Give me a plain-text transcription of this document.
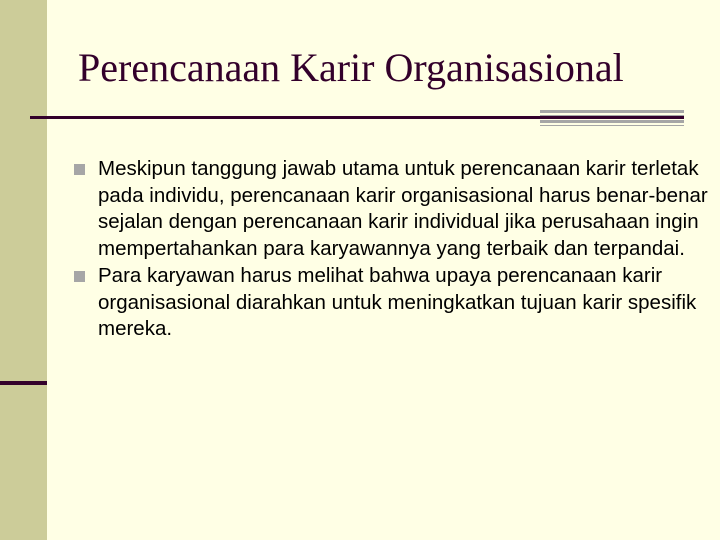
Perencanaan Karir Organisasional
Meskipun tanggung jawab utama untuk perencanaan karir terletak pada individu, perencanaan karir organisasional harus benar-benar sejalan dengan perencanaan karir individual jika perusahaan ingin mempertahankan para karyawannya yang terbaik dan terpandai.
Para karyawan harus melihat bahwa upaya perencanaan karir organisasional diarahkan untuk meningkatkan tujuan karir spesifik mereka.
